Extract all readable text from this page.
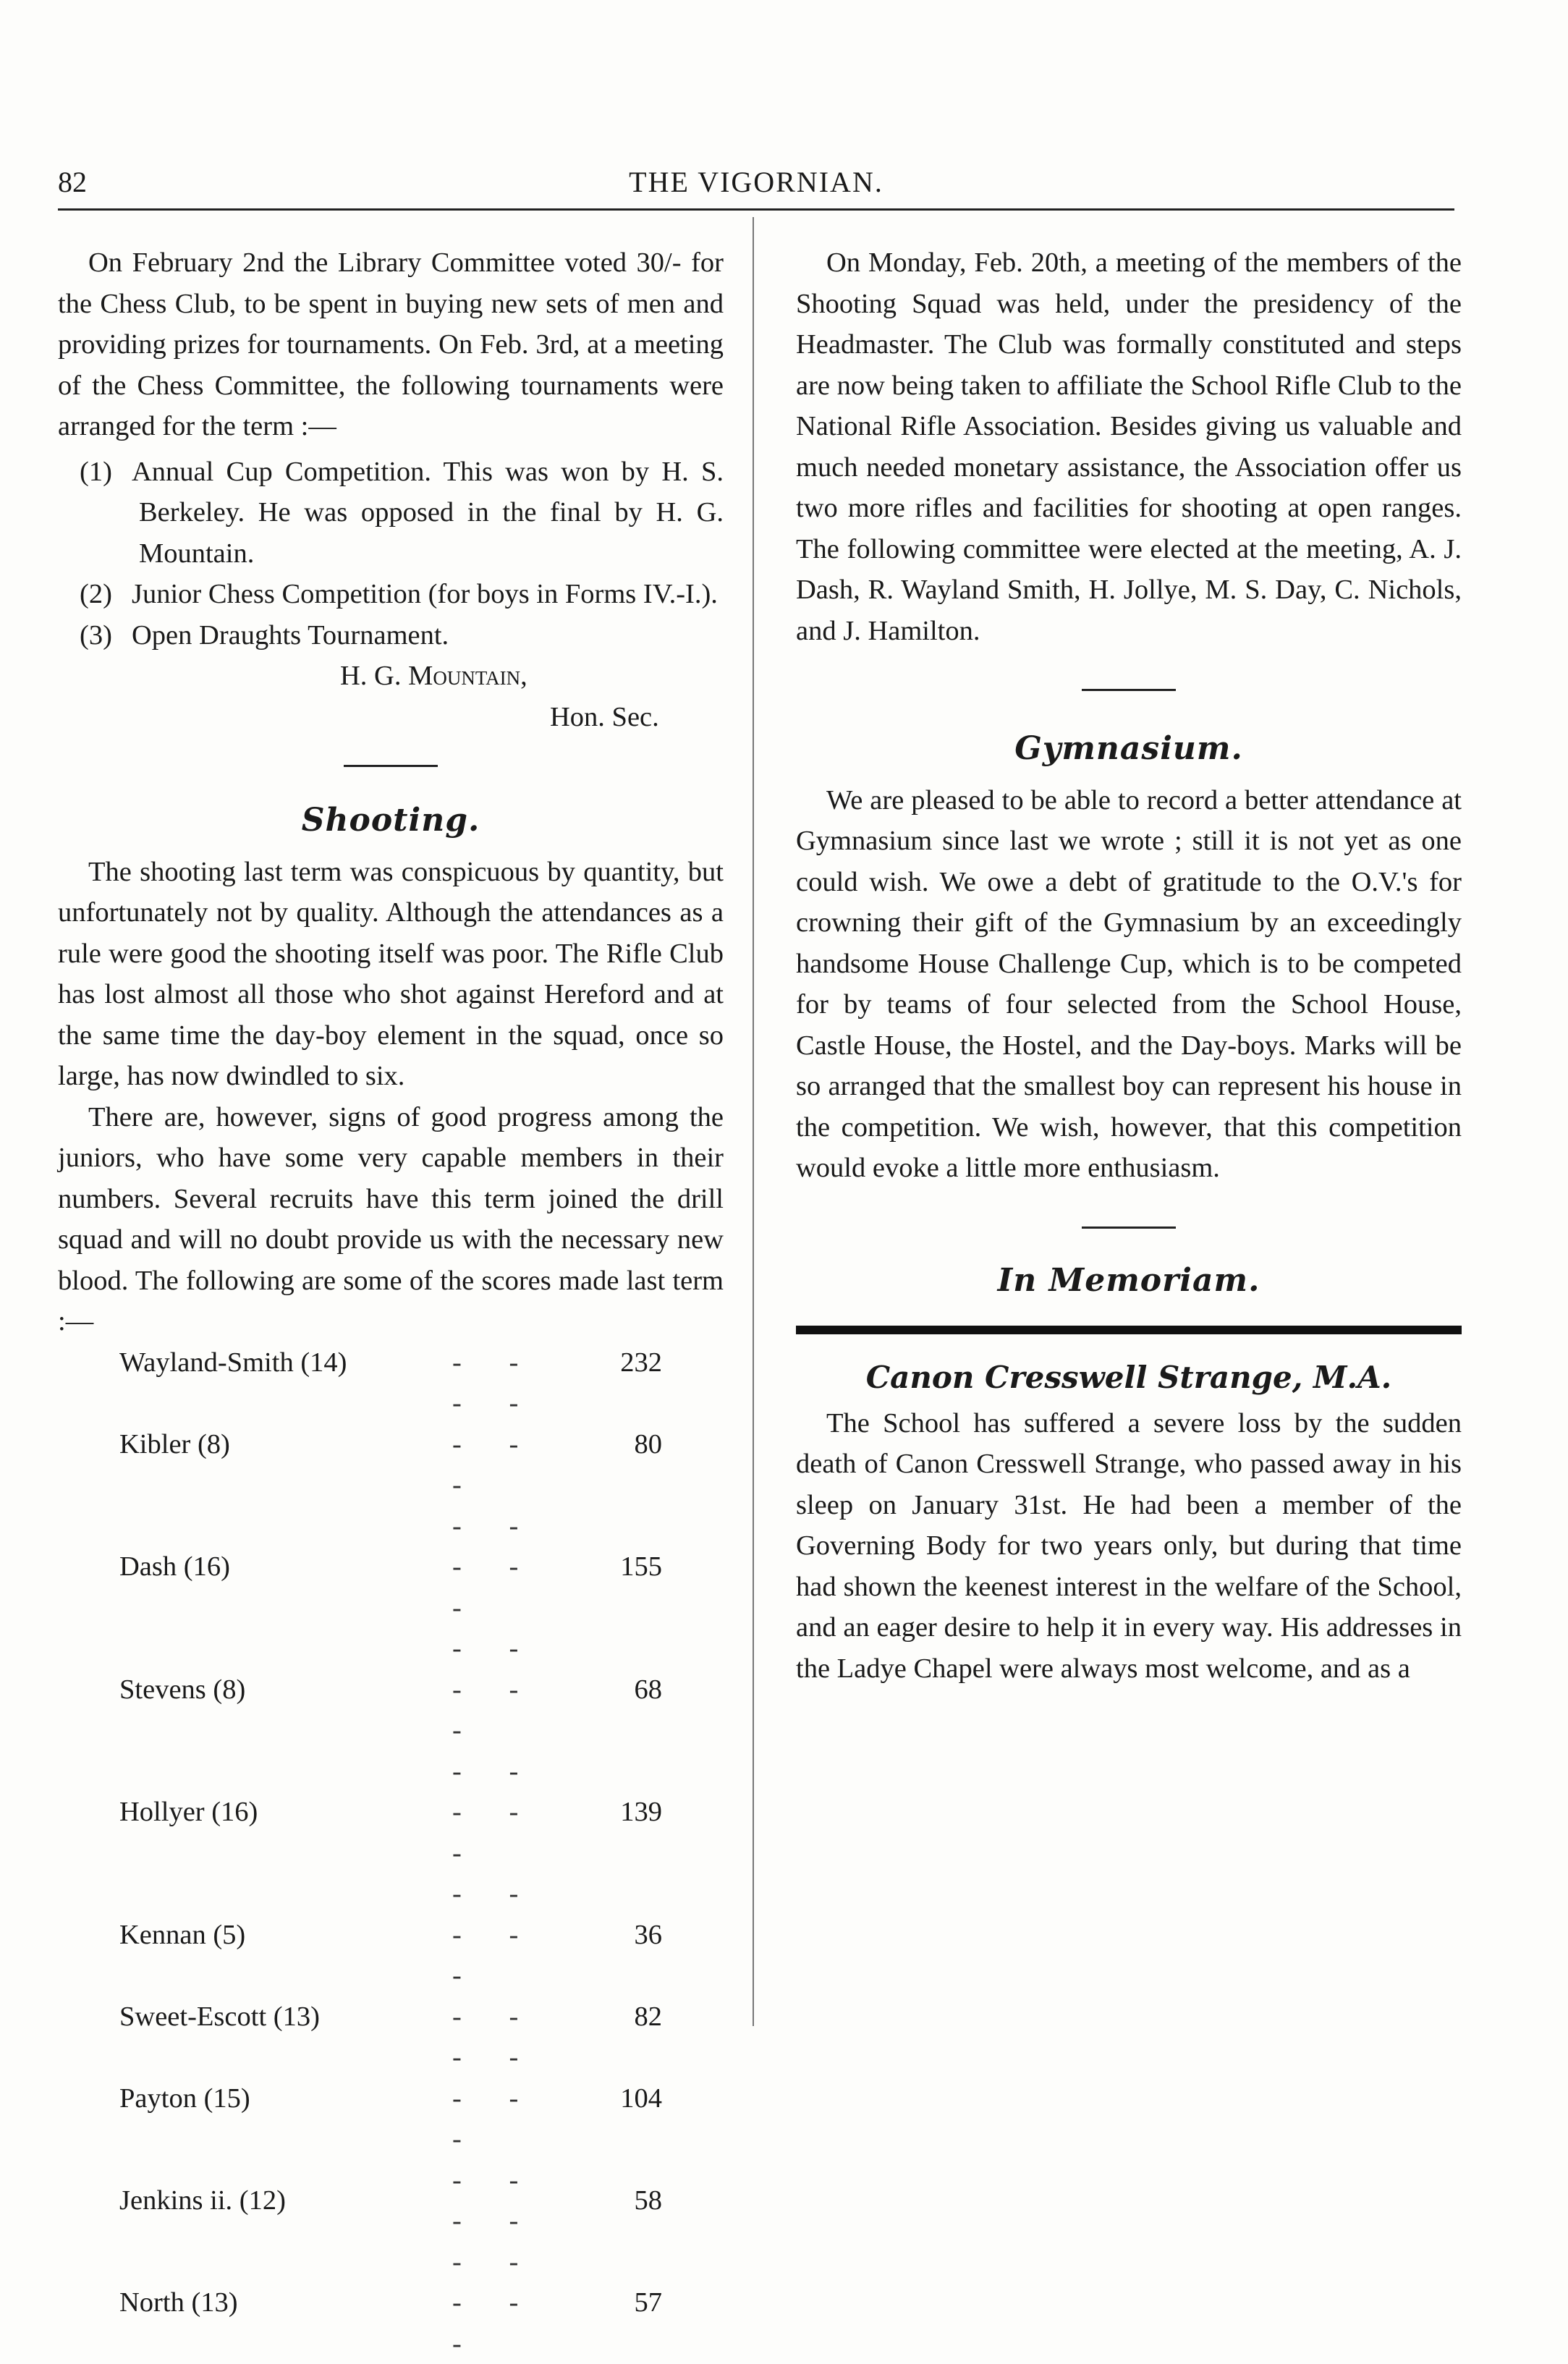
82	THE VIGORNIAN.

On February 2nd the Library Committee voted 30/- for the Chess Club, to be spent in buying new sets of men and providing prizes for tournaments. On Feb. 3rd, at a meeting of the Chess Committee, the following tournaments were arranged for the term :—

(1) Annual Cup Competition. This was won by H. S. Berkeley. He was opposed in the final by H. G. Mountain.
(2) Junior Chess Competition (for boys in Forms IV.-I.).
(3) Open Draughts Tournament.
H. G. Mountain,
Hon. Sec.
Shooting.

The shooting last term was conspicuous by quantity, but unfortunately not by quality. Although the attendances as a rule were good the shooting itself was poor. The Rifle Club has lost almost all those who shot against Hereford and at the same time the day-boy element in the squad, once so large, has now dwindled to six.

There are, however, signs of good progress among the juniors, who have some very capable members in their numbers. Several recruits have this term joined the drill squad and will no doubt provide us with the necessary new blood. The following are some of the scores made last term :—

Wayland-Smith (14)	- -	232
Kibler (8)	- - - - -	80
Dash (16)	- - - - -	155
Stevens (8)	- - - - -	68
Hollyer (16)	- - - - -	139
Kennan (5)	- - - - -	36
Sweet-Escott (13)	- -	82
Payton (15)	- - - - -	104
Jenkins ii. (12)	- - - -	58
North (13)	- - - - -	57

On Monday, Feb. 20th, a meeting of the members of the Shooting Squad was held, under the presidency of the Headmaster. The Club was formally constituted and steps are now being taken to affiliate the School Rifle Club to the National Rifle Association. Besides giving us valuable and much needed monetary assistance, the Association offer us two more rifles and facilities for shooting at open ranges. The following committee were elected at the meeting, A. J. Dash, R. Wayland Smith, H. Jollye, M. S. Day, C. Nichols, and J. Hamilton.

Gymnasium.

We are pleased to be able to record a better attendance at Gymnasium since last we wrote ; still it is not yet as one could wish. We owe a debt of gratitude to the O.V.'s for crowning their gift of the Gymnasium by an exceedingly handsome House Challenge Cup, which is to be competed for by teams of four selected from the School House, Castle House, the Hostel, and the Day-boys. Marks will be so arranged that the smallest boy can represent his house in the competition. We wish, however, that this competition would evoke a little more enthusiasm.

In Memoriam.
Canon Cresswell Strange, M.A.

The School has suffered a severe loss by the sudden death of Canon Cresswell Strange, who passed away in his sleep on January 31st. He had been a member of the Governing Body for two years only, but during that time had shown the keenest interest in the welfare of the School, and an eager desire to help it in every way. His addresses in the Ladye Chapel were always most welcome, and as a
